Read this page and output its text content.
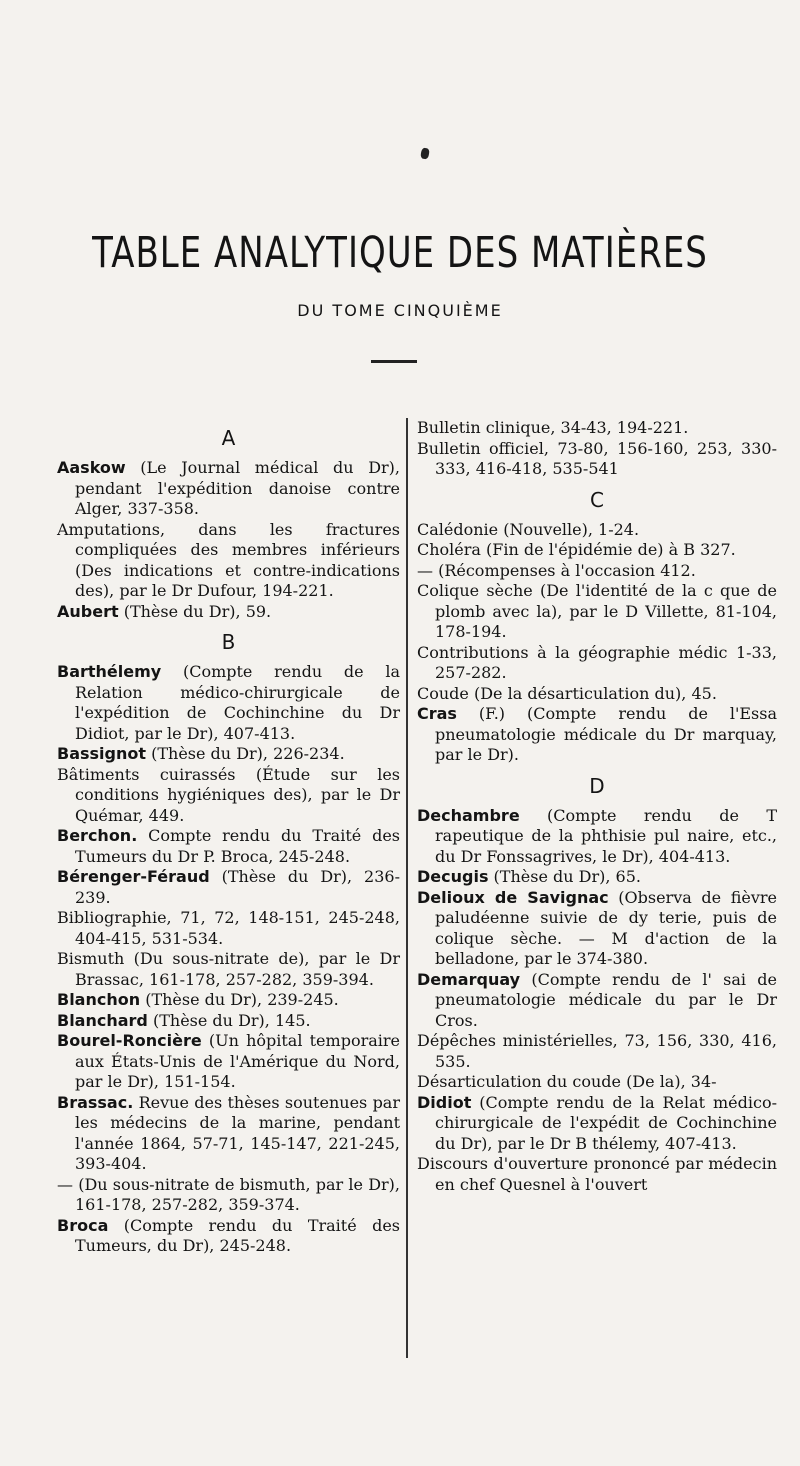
TABLE ANALYTIQUE DES MATIÈRES
DU TOME CINQUIÈME
A

Aaskow (Le Journal médical du Dr), pendant l'expédition danoise contre Alger, 337-358.

Amputations, dans les fractures compliquées des membres inférieurs (Des indications et contre-indications des), par le Dr Dufour, 194-221.

Aubert (Thèse du Dr), 59.

B

Barthélemy (Compte rendu de la Relation médico-chirurgicale de l'expédition de Cochinchine du Dr Didiot, par le Dr), 407-413.

Bassignot (Thèse du Dr), 226-234.

Bâtiments cuirassés (Étude sur les conditions hygiéniques des), par le Dr Quémar, 449.

Berchon. Compte rendu du Traité des Tumeurs du Dr P. Broca, 245-248.

Bérenger-Féraud (Thèse du Dr), 236-239.

Bibliographie, 71, 72, 148-151, 245-248, 404-415, 531-534.

Bismuth (Du sous-nitrate de), par le Dr Brassac, 161-178, 257-282, 359-394.

Blanchon (Thèse du Dr), 239-245.

Blanchard (Thèse du Dr), 145.

Bourel-Roncière (Un hôpital temporaire aux États-Unis de l'Amérique du Nord, par le Dr), 151-154.

Brassac. Revue des thèses soutenues par les médecins de la marine, pendant l'année 1864, 57-71, 145-147, 221-245, 393-404.

— (Du sous-nitrate de bismuth, par le Dr), 161-178, 257-282, 359-374.

Broca (Compte rendu du Traité des Tumeurs, du Dr), 245-248.

Bulletin clinique, 34-43, 194-221.

Bulletin officiel, 73-80, 156-160, 253, 330-333, 416-418, 535-541

C

Calédonie (Nouvelle), 1-24.

Choléra (Fin de l'épidémie de) à B 327.

— (Récompenses à l'occasion 412.

Colique sèche (De l'identité de la c que de plomb avec la), par le D Villette, 81-104, 178-194.

Contributions à la géographie médic 1-33, 257-282.

Coude (De la désarticulation du), 45.

Cras (F.) (Compte rendu de l'Essa pneumatologie médicale du Dr marquay, par le Dr).

D

Dechambre (Compte rendu de T rapeutique de la phthisie pul naire, etc., du Dr Fonssagrives, le Dr), 404-413.

Decugis (Thèse du Dr), 65.

Delioux de Savignac (Observa de fièvre paludéenne suivie de dy terie, puis de colique sèche. — M d'action de la belladone, par le 374-380.

Demarquay (Compte rendu de l' sai de pneumatologie médicale du par le Dr Cros.

Dépêches ministérielles, 73, 156, 330, 416, 535.

Désarticulation du coude (De la), 34-

Didiot (Compte rendu de la Relat médico-chirurgicale de l'expédit de Cochinchine du Dr), par le Dr B thélemy, 407-413.

Discours d'ouverture prononcé par médecin en chef Quesnel à l'ouvert
